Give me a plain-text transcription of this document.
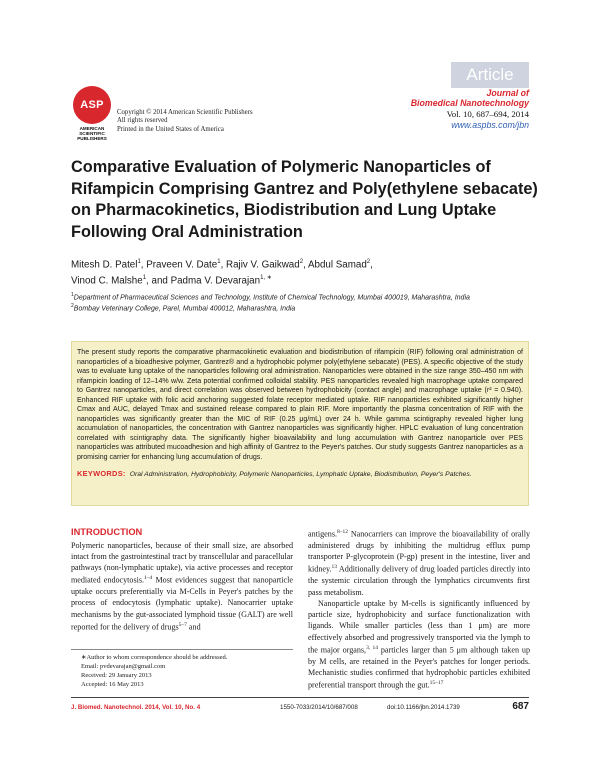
Article
ASP
AMERICAN
SCIENTIFIC
PUBLISHERS
Copyright © 2014 American Scientific Publishers
All rights reserved
Printed in the United States of America
Journal of
Biomedical Nanotechnology
Vol. 10, 687–694, 2014
www.aspbs.com/jbn
Comparative Evaluation of Polymeric Nanoparticles of Rifampicin Comprising Gantrez and Poly(ethylene sebacate) on Pharmacokinetics, Biodistribution and Lung Uptake Following Oral Administration
Mitesh D. Patel$^1$, Praveen V. Date$^1$, Rajiv V. Gaikwad$^2$, Abdul Samad$^2$,
Vinod C. Malshe$^1$, and Padma V. Devarajan$^{1, ∗}$
$^1$Department of Pharmaceutical Sciences and Technology, Institute of Chemical Technology, Mumbai 400019, Maharashtra, India
$^2$Bombay Veterinary College, Parel, Mumbai 400012, Maharashtra, India

The present study reports the comparative pharmacokinetic evaluation and biodistribution of rifampicin (RIF) following oral administration of nanoparticles of a bioadhesive polymer, Gantrez® and a hydrophobic polymer poly(ethylene sebacate) (PES). A specific objective of the study was to evaluate lung uptake of the nanoparticles following oral administration. Nanoparticles were obtained in the size range 350–450 nm with rifampicin loading of 12–14% w/w. Zeta potential confirmed colloidal stability. PES nanoparticles revealed high macrophage uptake compared to Gantrez nanoparticles, and direct correlation was observed between hydrophobicity (contact angle) and macrophage uptake (r² = 0.940). Enhanced RIF uptake with folic acid anchoring suggested folate receptor mediated uptake. RIF nanoparticles exhibited significantly higher Cmax and AUC, delayed Tmax and sustained release compared to plain RIF. More importantly the plasma concentration of RIF with the nanoparticles was significantly greater than the MIC of RIF (0.25 μg/mL) over 24 h. While gamma scintigraphy revealed higher lung accumulation of nanoparticles, the concentration with Gantrez nanoparticles was significantly higher. HPLC evaluation of lung concentration correlated with scintigraphy data. The significantly higher bioavailability and lung accumulation with Gantrez nanoparticle over PES nanoparticles was attributed mucoadhesion and high affinity of Gantrez to the Peyer's patches. Our study suggests Gantrez nanoparticles as a promising carrier for enhancing lung accumulation of drugs.

KEYWORDS: Oral Administration, Hydrophobicity, Polymeric Nanoparticles, Lymphatic Uptake, Biodistribution, Peyer's Patches.

INTRODUCTION

Polymeric nanoparticles, because of their small size, are absorbed intact from the gastrointestinal tract by transcellular and paracellular pathways (non-lymphatic uptake), via active processes and receptor mediated endocytosis.$^{1-4}$ Most evidences suggest that nanoparticle uptake occurs preferentially via M-Cells in Peyer's patches by the process of endocytosis (lymphatic uptake). Nanocarrier uptake mechanisms by the gut-associated lymphoid tissue (GALT) are well reported for the delivery of drugs$^{5-7}$ and

antigens.$^{8-12}$ Nanocarriers can improve the bioavailability of orally administered drugs by inhibiting the multidrug efflux pump transporter P-glycoprotein (P-gp) present in the intestine, liver and kidney.$^{13}$ Additionally delivery of drug loaded particles directly into the systemic circulation through the lymphatics circumvents first pass metabolism.

Nanoparticle uptake by M-cells is significantly influenced by particle size, hydrophobicity and surface functionalization with ligands. While smaller particles (less than 1 μm) are more effectively absorbed and progressively transported via the lymph to the major organs,$^{3, 14}$ particles larger than 5 μm although taken up by M cells, are retained in the Peyer's patches for longer periods. Mechanistic studies confirmed that hydrophobic particles exhibited preferential transport through the gut.$^{15-17}$

∗Author to whom correspondence should be addressed.
Email: pvdevarajan@gmail.com
Received: 29 January 2013
Accepted: 16 May 2013
J. Biomed. Nanotechnol. 2014, Vol. 10, No. 4	1550-7033/2014/10/687/008	doi:10.1166/jbn.2014.1739	687
